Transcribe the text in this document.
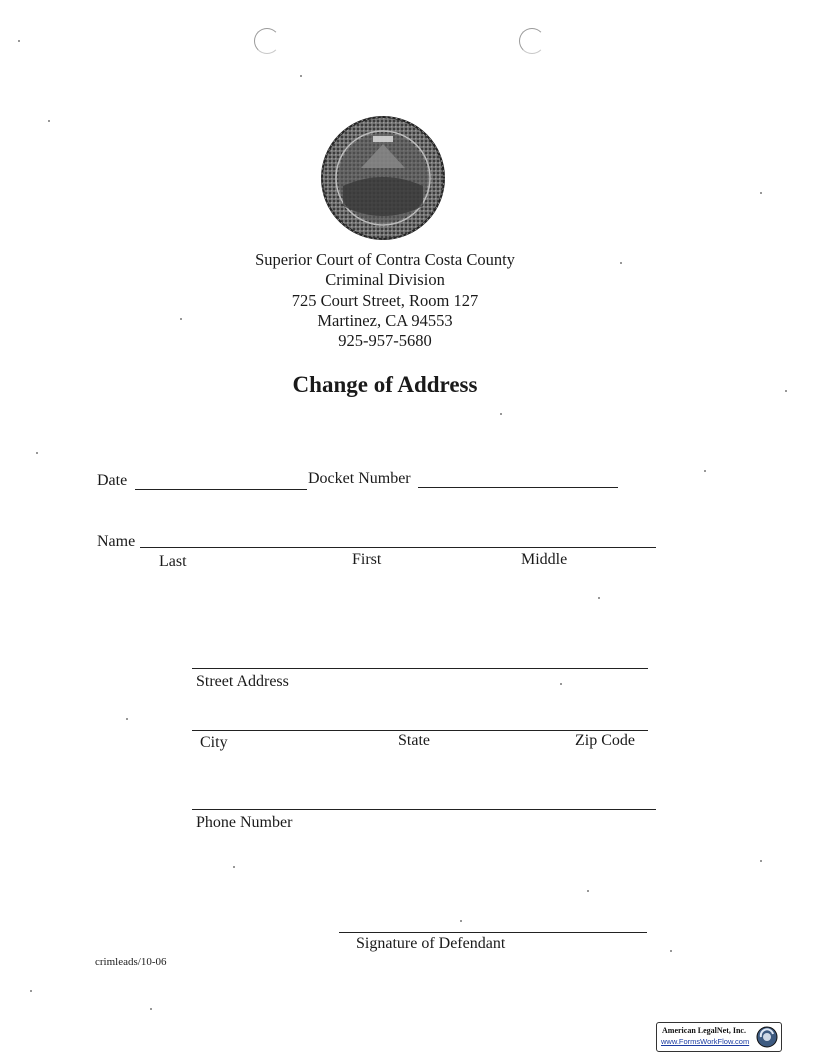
Superior Court of Contra Costa County
Criminal Division
725 Court Street, Room 127
Martinez, CA 94553
925-957-5680
Change of Address
Date	Docket Number
Name
Last	First	Middle
Street Address
City	State	Zip Code
Phone Number
Signature of Defendant
crimleads/10-06
American LegalNet, Inc.
www.FormsWorkFlow.com
